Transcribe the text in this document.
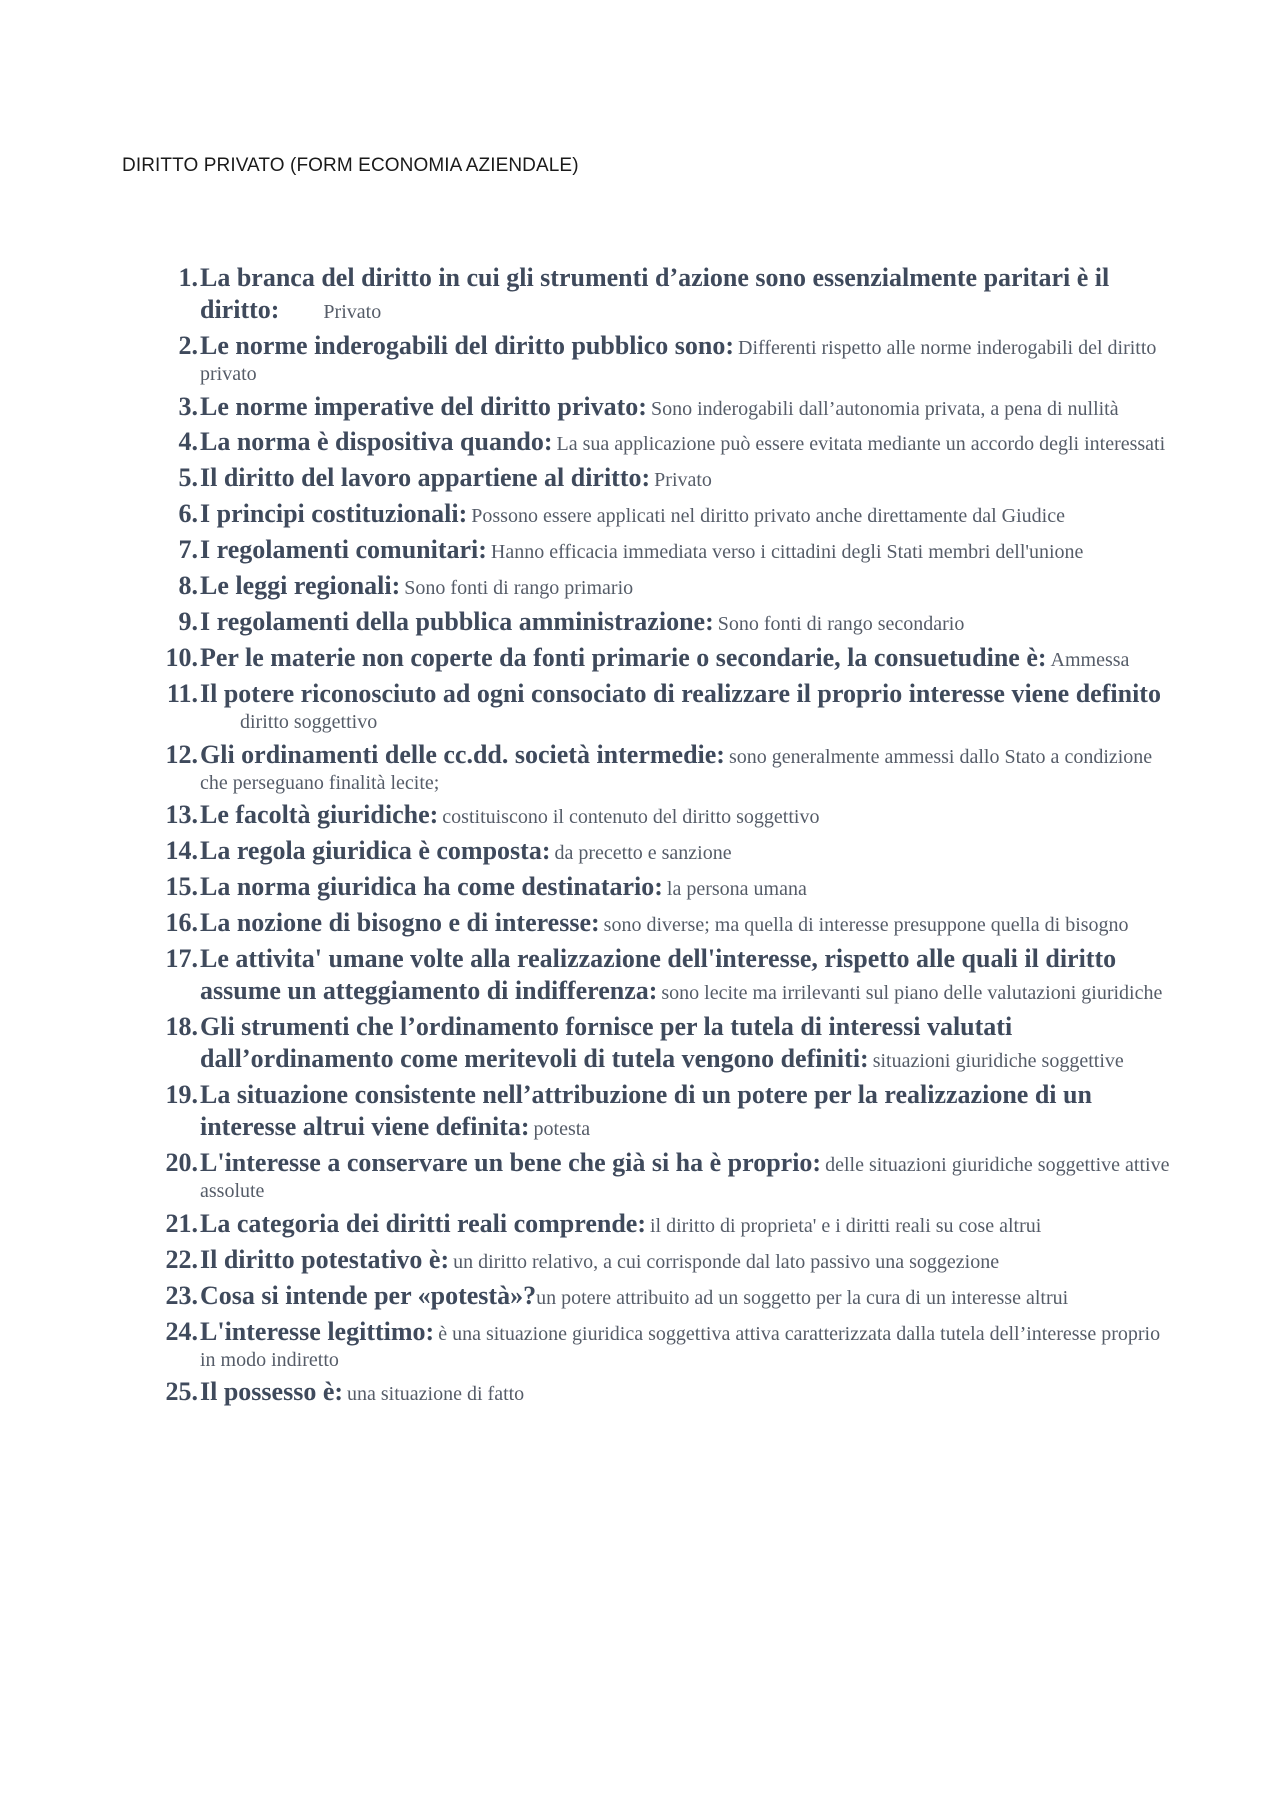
DIRITTO PRIVATO (FORM ECONOMIA AZIENDALE)
1. La branca del diritto in cui gli strumenti d’azione sono essenzialmente paritari è il diritto: Privato
2. Le norme inderogabili del diritto pubblico sono: Differenti rispetto alle norme inderogabili del diritto privato
3. Le norme imperative del diritto privato: Sono inderogabili dall’autonomia privata, a pena di nullità
4. La norma è dispositiva quando: La sua applicazione può essere evitata mediante un accordo degli interessati
5. Il diritto del lavoro appartiene al diritto: Privato
6. I principi costituzionali: Possono essere applicati nel diritto privato anche direttamente dal Giudice
7. I regolamenti comunitari: Hanno efficacia immediata verso i cittadini degli Stati membri dell'unione
8. Le leggi regionali: Sono fonti di rango primario
9. I regolamenti della pubblica amministrazione: Sono fonti di rango secondario
10. Per le materie non coperte da fonti primarie o secondarie, la consuetudine è: Ammessa
11. Il potere riconosciuto ad ogni consociato di realizzare il proprio interesse viene definito diritto soggettivo
12. Gli ordinamenti delle cc.dd. società intermedie: sono generalmente ammessi dallo Stato a condizione che perseguano finalità lecite;
13. Le facoltà giuridiche: costituiscono il contenuto del diritto soggettivo
14. La regola giuridica è composta: da precetto e sanzione
15. La norma giuridica ha come destinatario: la persona umana
16. La nozione di bisogno e di interesse: sono diverse; ma quella di interesse presuppone quella di bisogno
17. Le attivita' umane volte alla realizzazione dell'interesse, rispetto alle quali il diritto assume un atteggiamento di indifferenza: sono lecite ma irrilevanti sul piano delle valutazioni giuridiche
18. Gli strumenti che l’ordinamento fornisce per la tutela di interessi valutati dall’ordinamento come meritevoli di tutela vengono definiti: situazioni giuridiche soggettive
19. La situazione consistente nell’attribuzione di un potere per la realizzazione di un interesse altrui viene definita: potesta
20. L'interesse a conservare un bene che già si ha è proprio: delle situazioni giuridiche soggettive attive assolute
21. La categoria dei diritti reali comprende: il diritto di proprieta' e i diritti reali su cose altrui
22. Il diritto potestativo è: un diritto relativo, a cui corrisponde dal lato passivo una soggezione
23. Cosa si intende per «potestà»?un potere attribuito ad un soggetto per la cura di un interesse altrui
24. L'interesse legittimo: è una situazione giuridica soggettiva attiva caratterizzata dalla tutela dell’interesse proprio in modo indiretto
25. Il possesso è: una situazione di fatto
